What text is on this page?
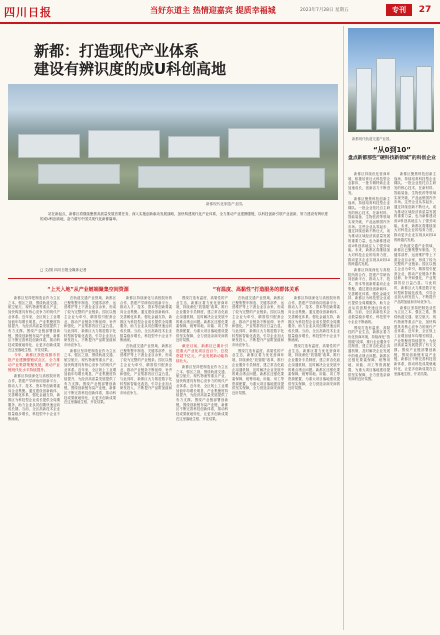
四川日报	当好东道主 热情迎嘉宾 提质幸福城	2023年7月28日 星期五	专刊	27
新都：打造现代产业体系
建设有辨识度的成U科创高地
新都现代化制造产业园。
站在新起点，新都区将继续聚焦高质量发展首要任务，深入实施创新驱动发展战略，加快构建现代化产业体系，全力推动产业建圈强链，以科技创新引领产业创新，努力建设有辨识度的成U科创高地，奋力谱写中国式现代化新都篇章。
□ 文/图 四川日报全媒体记者
“上天入地”从产业链端聚集空间资源	“有温度、高黏性”打造服务的群体关系

新都区坚持把制造业作为立区之本、强区之基，围绕轨道交通、航空航天、现代物流等重点产业，加快构建具有核心竞争力的现代产业体系。近年来，全区规上工业增加值年均增长明显，产业集聚度持续提升，为经济高质量发展提供了有力支撑。围绕产业链部署创新链，围绕创新链布局产业链，新都区不断完善科技创新体系，推动科技成果就地转化，让更多创新成果在这里落地生根、开花结果。

今年，新都区获批成都市首批产业建圈强链试点区，全力推动产业集群集聚发展，推动产业链现代化水平持续提升。

新都区持续深化与高校院所的合作，搭建产学研协同创新平台，推动人才、技术、资本等创新要素向企业集聚。通过建设创新载体、完善孵化体系、强化金融支持，新都区为科技型企业成长提供全周期服务，助力企业从初创期快速迈向成长期。当前，全区高新技术企业数量稳步增长，科技型中小企业不断涌现。

在轨道交通产业领域，新都区已聚集整车制造、关键零部件、运营维护等上下游企业百余家，形成了较为完整的产业链条。园区以链主企业为牵引，精准招引配套企业，推动产业链条不断延伸、补齐和强化，产业集群效应日益凸显。与此同时，新都区大力推进数字化转型和智能化改造，引导企业加大研发投入，不断提升产品附加值和市场竞争力。

新都区坚持把制造业作为立区之本、强区之基，围绕轨道交通、航空航天、现代物流等重点产业，加快构建具有核心竞争力的现代产业体系。近年来，全区规上工业增加值年均增长明显，产业集聚度持续提升，为经济高质量发展提供了有力支撑。围绕产业链部署创新链，围绕创新链布局产业链，新都区不断完善科技创新体系，推动科技成果就地转化，让更多创新成果在这里落地生根、开花结果。

新都区持续深化与高校院所的合作，搭建产学研协同创新平台，推动人才、技术、资本等创新要素向企业集聚。通过建设创新载体、完善孵化体系、强化金融支持，新都区为科技型企业成长提供全周期服务，助力企业从初创期快速迈向成长期。当前，全区高新技术企业数量稳步增长，科技型中小企业不断涌现。

在轨道交通产业领域，新都区已聚集整车制造、关键零部件、运营维护等上下游企业百余家，形成了较为完整的产业链条。园区以链主企业为牵引，精准招引配套企业，推动产业链条不断延伸、补齐和强化，产业集群效应日益凸显。与此同时，新都区大力推进数字化转型和智能化改造，引导企业加大研发投入，不断提升产品附加值和市场竞争力。

围绕打造有温度、高黏性的产业生态，新都区着力优化营商环境，持续深化“放管服”改革，推行企业服务专员制度，建立常态化政企沟通机制，及时解决企业发展中的难点堵点问题。新都区还强化要素保障，统筹用地、用能、用工等资源配置，为重大项目落地建设提供坚实保障，全力营造亲商安商的良好氛围。

截至目前，新都区已累计引进重大产业化项目近百个，总投资超千亿元，产业发展新动能持续壮大。

新都区坚持把制造业作为立区之本、强区之基，围绕轨道交通、航空航天、现代物流等重点产业，加快构建具有核心竞争力的现代产业体系。近年来，全区规上工业增加值年均增长明显，产业集聚度持续提升，为经济高质量发展提供了有力支撑。围绕产业链部署创新链，围绕创新链布局产业链，新都区不断完善科技创新体系，推动科技成果就地转化，让更多创新成果在这里落地生根、开花结果。

在轨道交通产业领域，新都区已聚集整车制造、关键零部件、运营维护等上下游企业百余家，形成了较为完整的产业链条。园区以链主企业为牵引，精准招引配套企业，推动产业链条不断延伸、补齐和强化，产业集群效应日益凸显。与此同时，新都区大力推进数字化转型和智能化改造，引导企业加大研发投入，不断提升产品附加值和市场竞争力。

围绕打造有温度、高黏性的产业生态，新都区着力优化营商环境，持续深化“放管服”改革，推行企业服务专员制度，建立常态化政企沟通机制，及时解决企业发展中的难点堵点问题。新都区还强化要素保障，统筹用地、用能、用工等资源配置，为重大项目落地建设提供坚实保障，全力营造亲商安商的良好氛围。

新都区持续深化与高校院所的合作，搭建产学研协同创新平台，推动人才、技术、资本等创新要素向企业集聚。通过建设创新载体、完善孵化体系、强化金融支持，新都区为科技型企业成长提供全周期服务，助力企业从初创期快速迈向成长期。当前，全区高新技术企业数量稳步增长，科技型中小企业不断涌现。

围绕打造有温度、高黏性的产业生态，新都区着力优化营商环境，持续深化“放管服”改革，推行企业服务专员制度，建立常态化政企沟通机制，及时解决企业发展中的难点堵点问题。新都区还强化要素保障，统筹用地、用能、用工等资源配置，为重大项目落地建设提供坚实保障，全力营造亲商安商的良好氛围。

新都现代轨道交通产业园。
“从0到10”
盘点新都那些“硬科技新领域”的科创企业

新都区持续优化营商环境，积极培育壮大科技型企业群体，一批专精特新企业加速成长，创新活力不断迸发。

新都区聚焦科技创新主战场，持续培育科技型企业梯队。一批企业依托自主研发的核心技术，在新材料、智能装备、生物医药等领域实现突破，产品远销国内外市场。这些企业从零起步，通过持续创新不断壮大，成为推动区域经济高质量发展的重要力量，也为新都建设成U科创高地注入了强劲动能。未来，新都区将继续加大对科技企业的培育力度，推动更多企业实现从0到10的跨越式发展。

新都区持续深化与高校院所的合作，搭建产学研协同创新平台，推动人才、技术、资本等创新要素向企业集聚。通过建设创新载体、完善孵化体系、强化金融支持，新都区为科技型企业成长提供全周期服务，助力企业从初创期快速迈向成长期。当前，全区高新技术企业数量稳步增长，科技型中小企业不断涌现。

围绕打造有温度、高黏性的产业生态，新都区着力优化营商环境，持续深化“放管服”改革，推行企业服务专员制度，建立常态化政企沟通机制，及时解决企业发展中的难点堵点问题。新都区还强化要素保障，统筹用地、用能、用工等资源配置，为重大项目落地建设提供坚实保障，全力营造亲商安商的良好氛围。

新都区聚焦科技创新主战场，持续培育科技型企业梯队。一批企业依托自主研发的核心技术，在新材料、智能装备、生物医药等领域实现突破，产品远销国内外市场。这些企业从零起步，通过持续创新不断壮大，成为推动区域经济高质量发展的重要力量，也为新都建设成U科创高地注入了强劲动能。未来，新都区将继续加大对科技企业的培育力度，推动更多企业实现从0到10的跨越式发展。

在轨道交通产业领域，新都区已聚集整车制造、关键零部件、运营维护等上下游企业百余家，形成了较为完整的产业链条。园区以链主企业为牵引，精准招引配套企业，推动产业链条不断延伸、补齐和强化，产业集群效应日益凸显。与此同时，新都区大力推进数字化转型和智能化改造，引导企业加大研发投入，不断提升产品附加值和市场竞争力。

新都区坚持把制造业作为立区之本、强区之基，围绕轨道交通、航空航天、现代物流等重点产业，加快构建具有核心竞争力的现代产业体系。近年来，全区规上工业增加值年均增长明显，产业集聚度持续提升，为经济高质量发展提供了有力支撑。围绕产业链部署创新链，围绕创新链布局产业链，新都区不断完善科技创新体系，推动科技成果就地转化，让更多创新成果在这里落地生根、开花结果。
